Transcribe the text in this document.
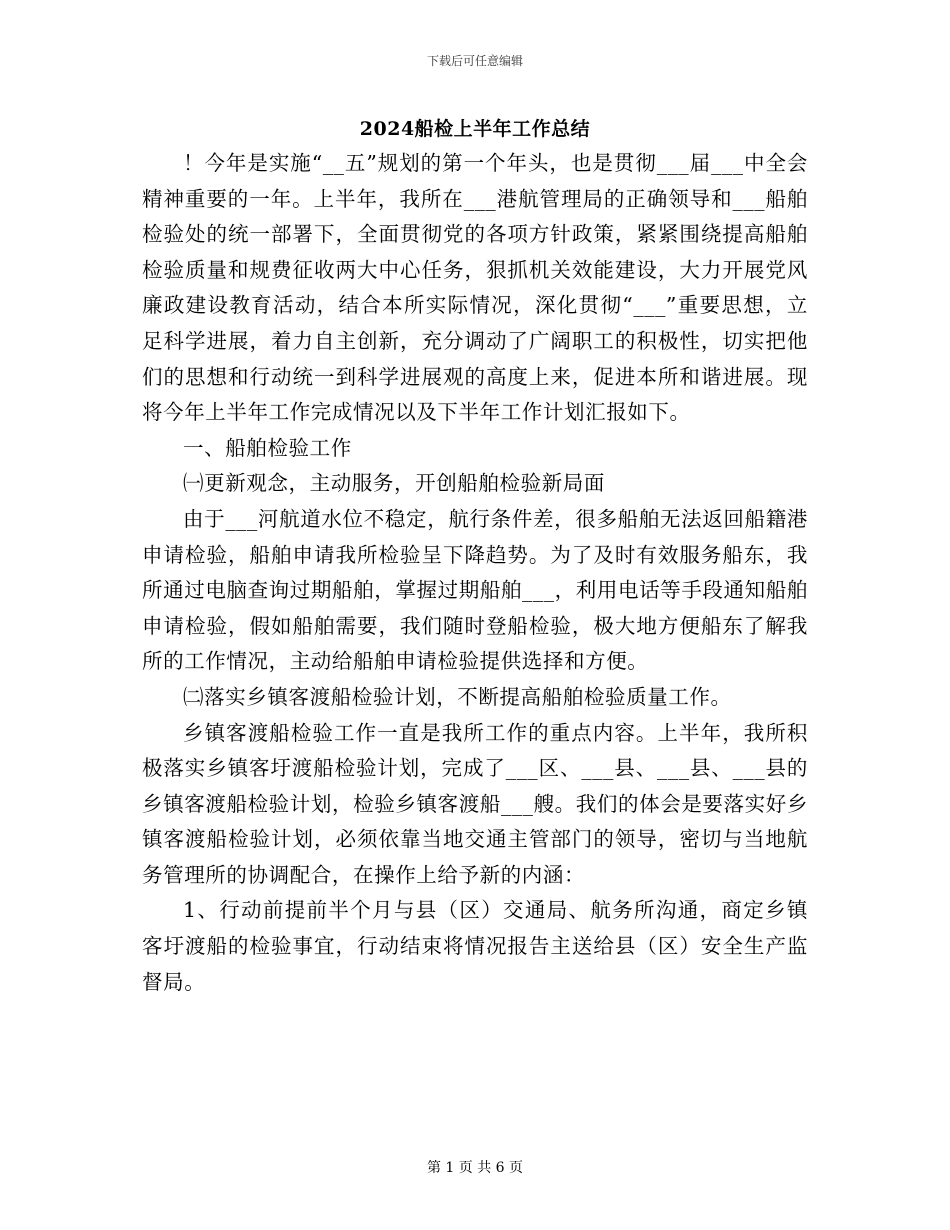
下载后可任意编辑
2024船检上半年工作总结

！今年是实施“__五”规划的第一个年头，也是贯彻___届___中全会精神重要的一年。上半年，我所在___港航管理局的正确领导和___船舶检验处的统一部署下，全面贯彻党的各项方针政策，紧紧围绕提高船舶检验质量和规费征收两大中心任务，狠抓机关效能建设，大力开展党风廉政建设教育活动，结合本所实际情况，深化贯彻“___”重要思想，立足科学进展，着力自主创新，充分调动了广阔职工的积极性，切实把他们的思想和行动统一到科学进展观的高度上来，促进本所和谐进展。现将今年上半年工作完成情况以及下半年工作计划汇报如下。

一、船舶检验工作

㈠更新观念，主动服务，开创船舶检验新局面

由于___河航道水位不稳定，航行条件差，很多船舶无法返回船籍港申请检验，船舶申请我所检验呈下降趋势。为了及时有效服务船东，我所通过电脑查询过期船舶，掌握过期船舶___，利用电话等手段通知船舶申请检验，假如船舶需要，我们随时登船检验，极大地方便船东了解我所的工作情况，主动给船舶申请检验提供选择和方便。

㈡落实乡镇客渡船检验计划，不断提高船舶检验质量工作。

乡镇客渡船检验工作一直是我所工作的重点内容。上半年，我所积极落实乡镇客圩渡船检验计划，完成了___区、___县、___县、___县的乡镇客渡船检验计划，检验乡镇客渡船___艘。我们的体会是要落实好乡镇客渡船检验计划，必须依靠当地交通主管部门的领导，密切与当地航务管理所的协调配合，在操作上给予新的内涵：

1、行动前提前半个月与县（区）交通局、航务所沟通，商定乡镇客圩渡船的检验事宜，行动结束将情况报告主送给县（区）安全生产监督局。

第 1 页 共 6 页
